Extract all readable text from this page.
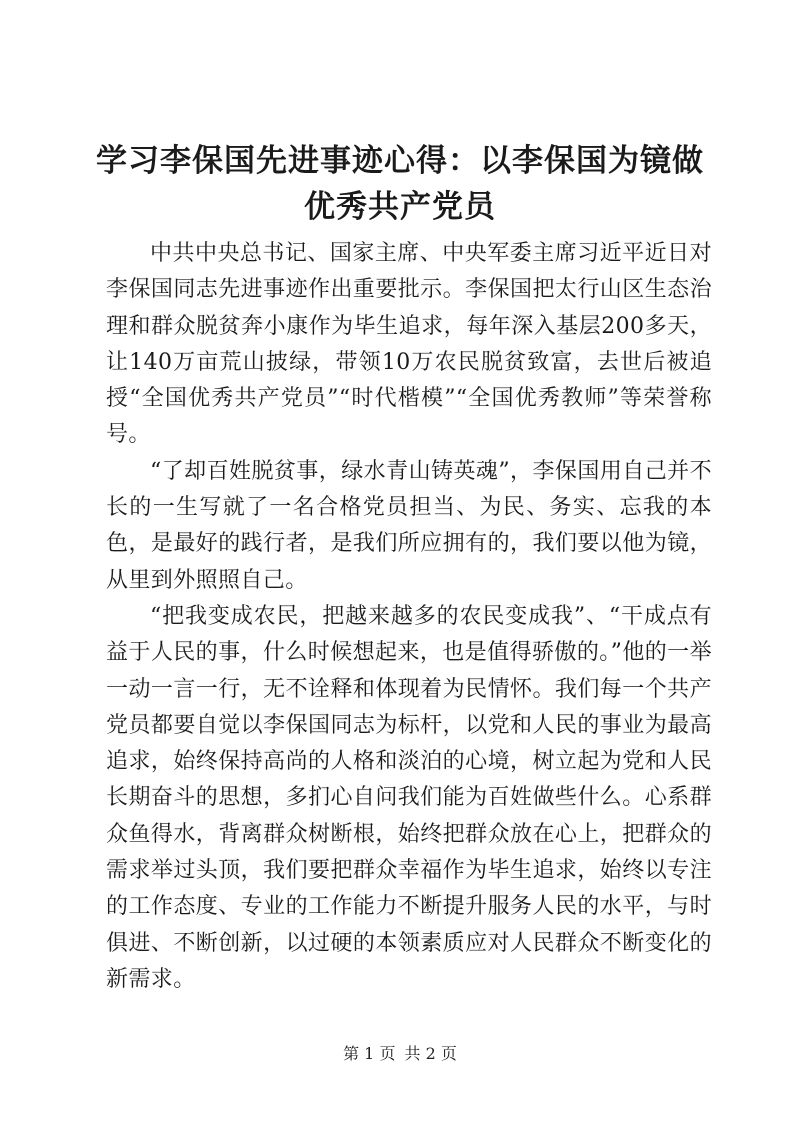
学习李保国先进事迹心得：以李保国为镜做优秀共产党员

中共中央总书记、国家主席、中央军委主席习近平近日对李保国同志先进事迹作出重要批示。李保国把太行山区生态治理和群众脱贫奔小康作为毕生追求，每年深入基层200多天，让140万亩荒山披绿，带领10万农民脱贫致富，去世后被追授“全国优秀共产党员”“时代楷模”“全国优秀教师”等荣誉称号。

“了却百姓脱贫事，绿水青山铸英魂”，李保国用自己并不长的一生写就了一名合格党员担当、为民、务实、忘我的本色，是最好的践行者，是我们所应拥有的，我们要以他为镜，从里到外照照自己。

“把我变成农民，把越来越多的农民变成我”、“干成点有益于人民的事，什么时候想起来，也是值得骄傲的。”他的一举一动一言一行，无不诠释和体现着为民情怀。我们每一个共产党员都要自觉以李保国同志为标杆，以党和人民的事业为最高追求，始终保持高尚的人格和淡泊的心境，树立起为党和人民长期奋斗的思想，多扪心自问我们能为百姓做些什么。心系群众鱼得水，背离群众树断根，始终把群众放在心上，把群众的需求举过头顶，我们要把群众幸福作为毕生追求，始终以专注的工作态度、专业的工作能力不断提升服务人民的水平，与时俱进、不断创新，以过硬的本领素质应对人民群众不断变化的新需求。

第 1 页 共 2 页
